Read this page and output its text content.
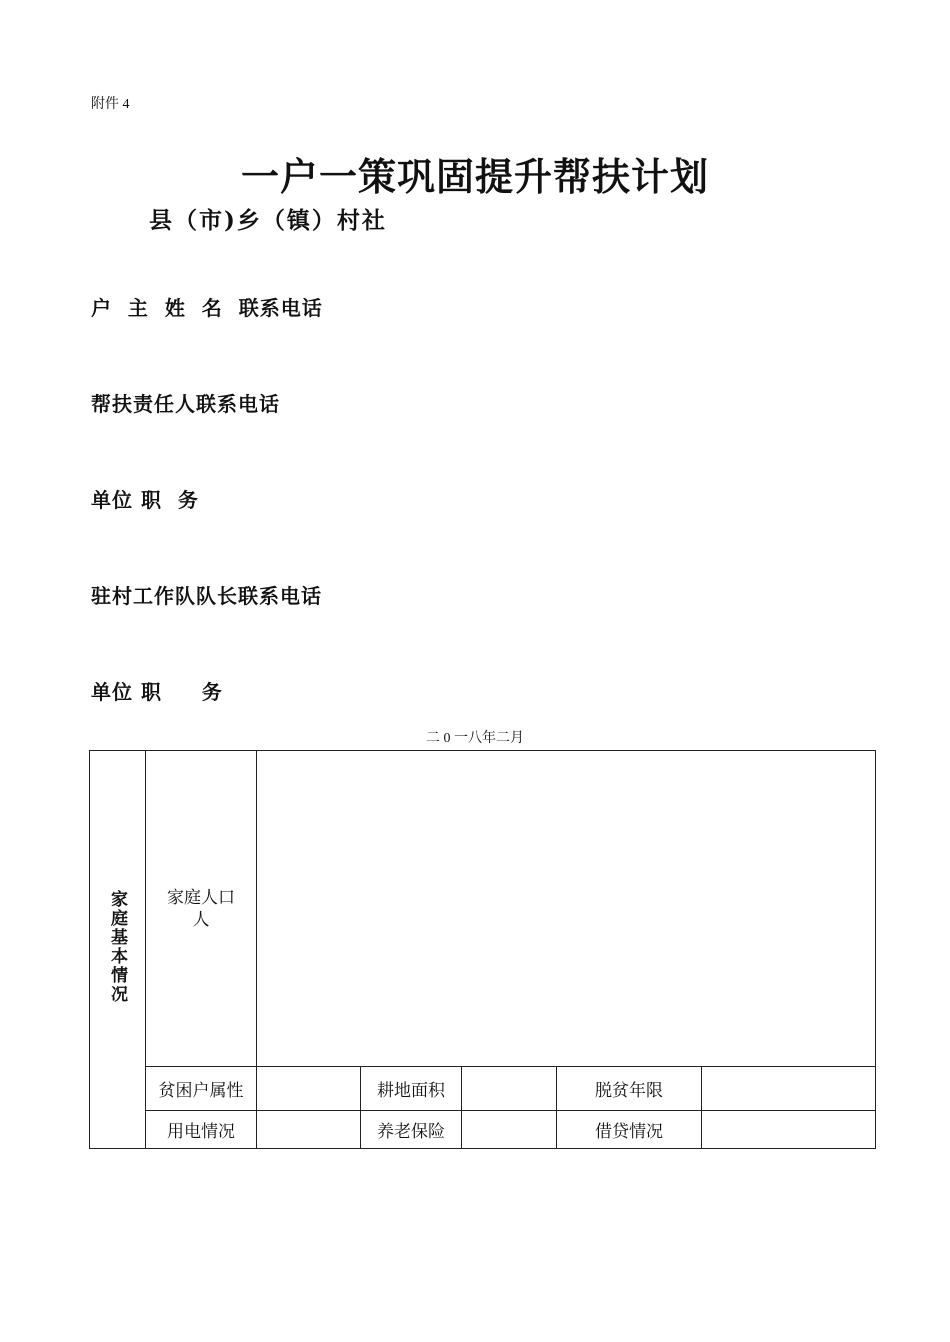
附件 4
一户一策巩固提升帮扶计划
县（市)乡（镇）村社
户  主  姓  名  联系电话
帮扶责任人联系电话
单位 职  务
驻村工作队队长联系电话
单位 职     务
二 0 一八年二月
家庭基本情况	家庭人口
人					

	贫困户属性		耕地面积		脱贫年限	
	用电情况		养老保险		借贷情况	
